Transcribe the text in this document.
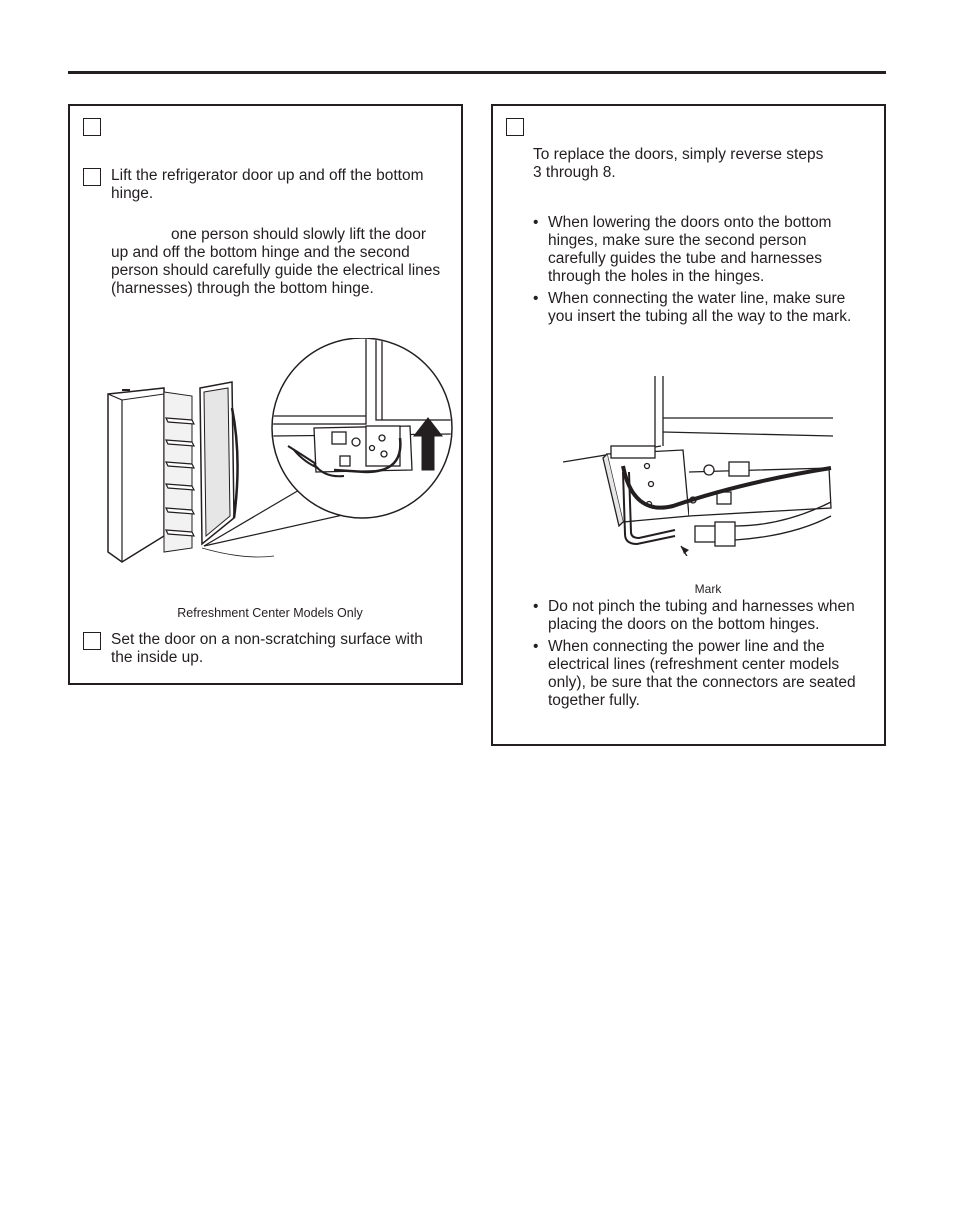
Lift the refrigerator door up and off the bottom hinge.

one person should slowly lift the door up and off the bottom hinge and the second person should carefully guide the electrical lines (harnesses) through the bottom hinge.

Refreshment Center Models Only

Set the door on a non-scratching surface with the inside up.

To replace the doors, simply reverse steps 3 through 8.

• When lowering the doors onto the bottom hinges, make sure the second person carefully guides the tube and harnesses through the holes in the hinges.
• When connecting the water line, make sure you insert the tubing all the way to the mark.

Mark

• Do not pinch the tubing and harnesses when placing the doors on the bottom hinges.
• When connecting the power line and the electrical lines (refreshment center models only), be sure that the connectors are seated together fully.
